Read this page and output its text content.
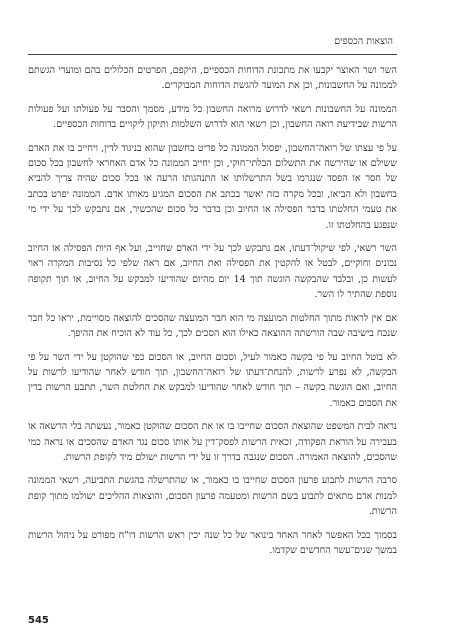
הוצאות הכספים

השר ושר האוצר יקבעו את מתכונת הדוחות הכספיים, היקפם, הפרטים הכלולים בהם ומועדי הגשתם לממונה על החשבונות, וכן את המועד להגשת הדוחות המבוקרים.

הממונה על החשבונות רשאי לדרוש מרואה החשבון כל מידע, מסמך והסבר על פעולתו ועל פעולות הרשות שבידיעת רואה החשבון, וכן רשאי הוא לדרוש השלמות ותיקון ליקויים בדוחות הכספיים.

על פי עצתו של רואה־החשבון, יפסול הממונה כל פריט בחשבון שהוא בניגוד לדין, ויחייב בו את האדם ששילם או שהירשה את התשלום הבלתי־חוקי, וכן יחייב הממונה כל אדם האחראי לחשבון בכל סכום של חסר או הפסד שנגרמו בשל התרשלותו או התנהגותו הרעה או בכל סכום שהיה צריך להביא בחשבון ולא הביאו, ובכל מקרה כזה יאשר בכתב את הסכום המגיע מאותו אדם. הממונה יפרט בכתב את טעמי החלטתו בדבר הפסילה או החיוב וכן בדבר כל סכום שהכשיר, אם נתבקש לכך על ידי מי שנפגע בהחלטתו זו.

השר רשאי, לפי שיקול־דעתו, אם נתבקש לכך על ידי האדם שחוייב, ועל אף היות הפסילה או החיוב נכונים וחוקיים, לבטל או להקטין את הפסילה ואת החיוב, אם ראה שלפי כל נסיבות המקרה ראוי לעשות כן, ובלבד שהבקשה הוגשה תוך 14 יום מהיום שהודיעו למבקש על החיוב, או תוך תקופה נוספת שהתיר לו השר.

אם אין לראות מתוך החלטות המועצה מי הוא חבר המועצה שהסכים להוצאה מסויימת, יראו כל חבר שנכח בישיבה שבה הורשתה ההוצאה כאילו הוא הסכים לכך, כל עוד לא הוכיח את ההיפך.

לא בוטל החיוב על פי בקשה כאמור לעיל, וסכום החיוב, או הסכום כפי שהוקטן על ידי השר על פי הבקשה, לא נפרע לרשות, להנחת־דעתו של רואה־החשבון, תוך חודש לאחר שהודיעו לרשות על החיוב, ואם הוגשה בקשה – תוך חודש לאחר שהודיעו למבקש את החלטת השר, תתבע הרשות בדין את הסכום כאמור.

נראה לבית המשפט שהוצאת הסכום שחייבו בו או את הסכום שהוקטן כאמור, נעשתה בלי הרשאה או בעבירה על הוראת הפקודה, זכאית הרשות לפסק־דין על אותו סכום נגד האדם שהסכים או נראה כמי שהסכים, להוצאה האמורה. הסכום שנגבה בדרך זו על ידי הרשות ישולם מיד לקופת הרשות.

סרבה הרשות לתבוע פרעון הסכום שחייבו בו כאמור, או שהתרשלה בהגשת התביעה, רשאי הממונה למנות אדם מתאים לתבוע בשם הרשות ומטעמה פרעון הסכום, והוצאות ההליכים ישולמו מתוך קופת הרשות.

בסמוך ככל האפשר לאחר האחד בינואר של כל שנה יכין ראש הרשות דו"ח מפורט על ניהול הרשות במשך שנים־עשר החדשים שקדמו.

545
